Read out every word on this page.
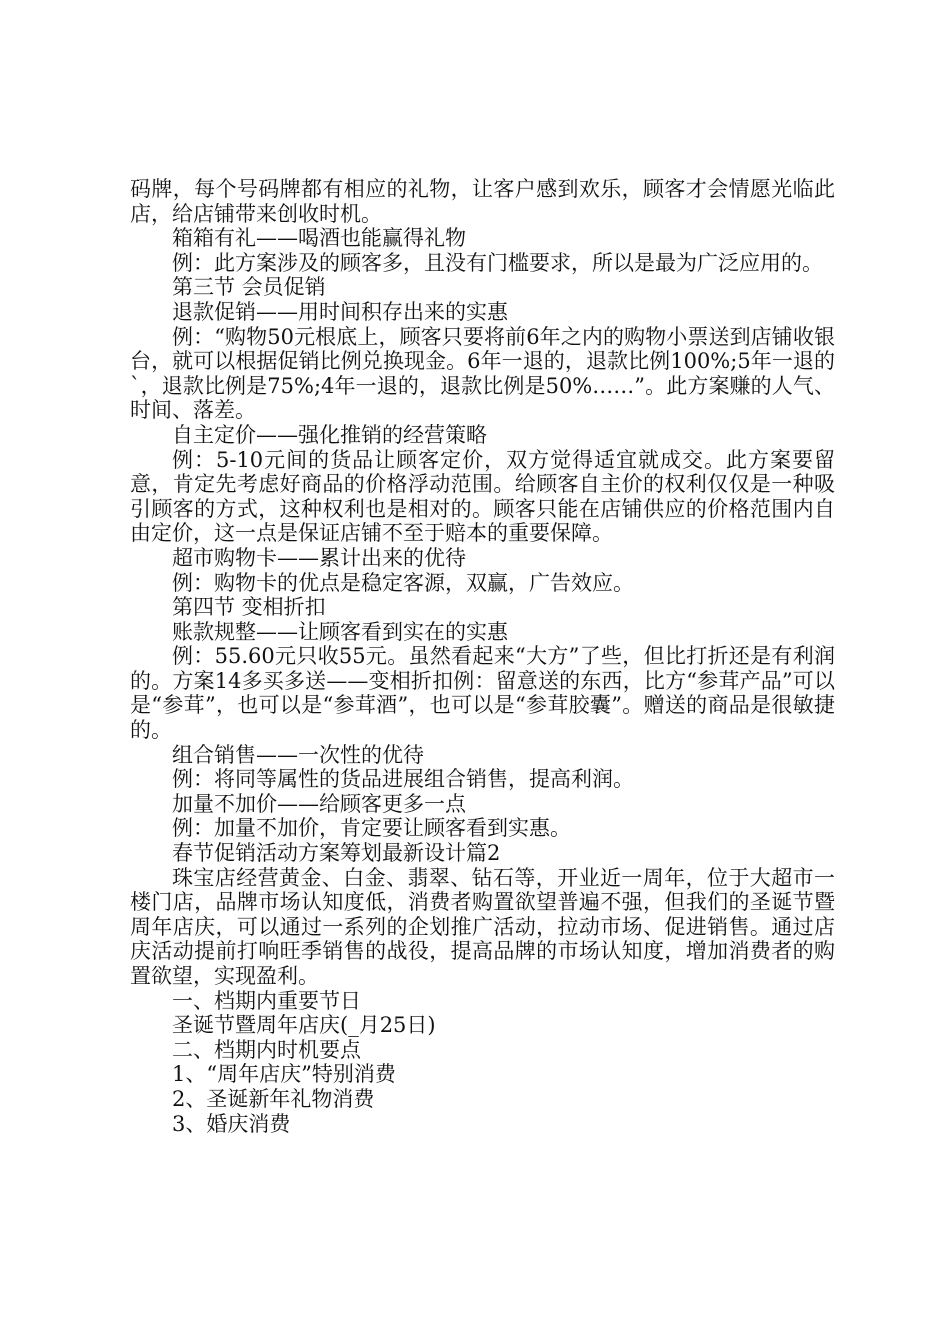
码牌，每个号码牌都有相应的礼物，让客户感到欢乐，顾客才会情愿光临此店，给店铺带来创收时机。

箱箱有礼——喝酒也能赢得礼物

例：此方案涉及的顾客多，且没有门槛要求，所以是最为广泛应用的。

第三节 会员促销

退款促销——用时间积存出来的实惠

例：“购物50元根底上，顾客只要将前6年之内的购物小票送到店铺收银台，就可以根据促销比例兑换现金。6年一退的，退款比例100%;5年一退的`，退款比例是75%;4年一退的，退款比例是50%……”。此方案赚的人气、时间、落差。

自主定价——强化推销的经营策略

例：5-10元间的货品让顾客定价，双方觉得适宜就成交。此方案要留意，肯定先考虑好商品的价格浮动范围。给顾客自主价的权利仅仅是一种吸引顾客的方式，这种权利也是相对的。顾客只能在店铺供应的价格范围内自由定价，这一点是保证店铺不至于赔本的重要保障。

超市购物卡——累计出来的优待

例：购物卡的优点是稳定客源，双赢，广告效应。

第四节 变相折扣

账款规整——让顾客看到实在的实惠

例：55.60元只收55元。虽然看起来“大方”了些，但比打折还是有利润的。方案14多买多送——变相折扣例：留意送的东西，比方“参茸产品”可以是“参茸”，也可以是“参茸酒”，也可以是“参茸胶囊”。赠送的商品是很敏捷的。

组合销售——一次性的优待

例：将同等属性的货品进展组合销售，提高利润。

加量不加价——给顾客更多一点

例：加量不加价，肯定要让顾客看到实惠。

春节促销活动方案筹划最新设计篇2

珠宝店经营黄金、白金、翡翠、钻石等，开业近一周年，位于大超市一楼门店，品牌市场认知度低，消费者购置欲望普遍不强，但我们的圣诞节暨周年店庆，可以通过一系列的企划推广活动，拉动市场、促进销售。通过店庆活动提前打响旺季销售的战役，提高品牌的市场认知度，增加消费者的购置欲望，实现盈利。

一、档期内重要节日

圣诞节暨周年店庆(_月25日)

二、档期内时机要点

1、“周年店庆”特别消费

2、圣诞新年礼物消费

3、婚庆消费
